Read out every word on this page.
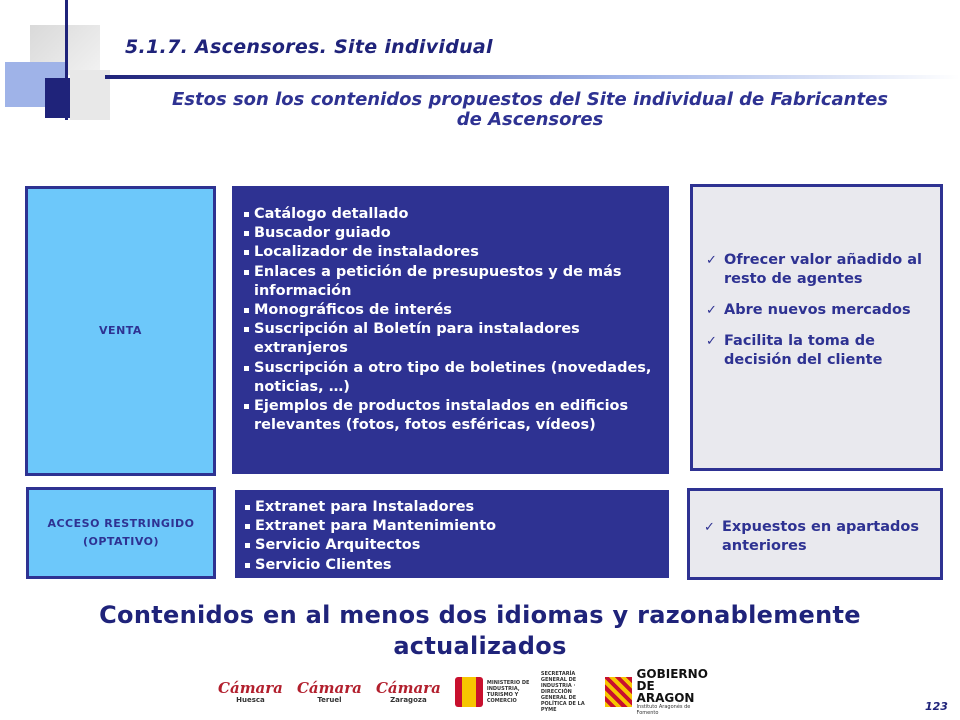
5.1.7. Ascensores. Site individual
Estos son los contenidos propuestos del Site individual de Fabricantes de Ascensores
VENTA
Catálogo detallado
Buscador guiado
Localizador de instaladores
Enlaces a petición de presupuestos y de más información
Monográficos de interés
Suscripción al Boletín para instaladores extranjeros
Suscripción a otro tipo de boletines (novedades, noticias, …)
Ejemplos de productos instalados en edificios relevantes (fotos, fotos esféricas, vídeos)
✓ Ofrecer valor añadido al resto de agentes
✓ Abre nuevos mercados
✓ Facilita la toma de decisión del cliente
ACCESO RESTRINGIDO
(OPTATIVO)
Extranet para Instaladores
Extranet para Mantenimiento
Servicio Arquitectos
Servicio Clientes
✓ Expuestos en apartados anteriores
Contenidos en al menos dos idiomas y razonablemente actualizados
Cámara
Huesca
Cámara
Teruel
Cámara
Zaragoza
MINISTERIO DE INDUSTRIA, TURISMO Y COMERCIO
SECRETARÍA GENERAL DE INDUSTRIA · DIRECCIÓN GENERAL DE POLÍTICA DE LA PYME
GOBIERNO
DE ARAGON
Instituto Aragonés de Fomento	123
